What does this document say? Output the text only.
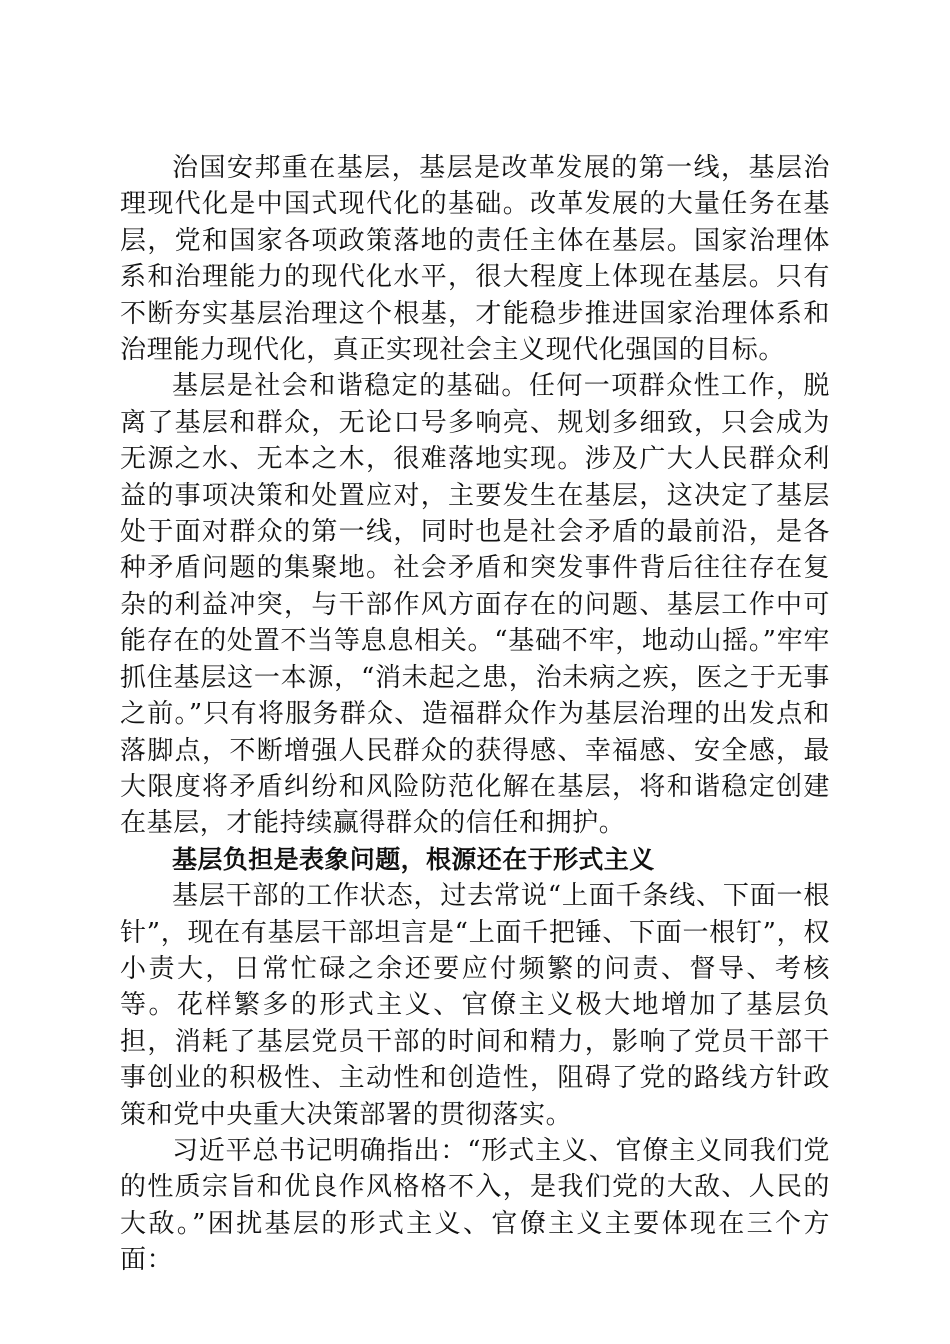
治国安邦重在基层，基层是改革发展的第一线，基层治理现代化是中国式现代化的基础。改革发展的大量任务在基层，党和国家各项政策落地的责任主体在基层。国家治理体系和治理能力的现代化水平，很大程度上体现在基层。只有不断夯实基层治理这个根基，才能稳步推进国家治理体系和治理能力现代化，真正实现社会主义现代化强国的目标。

基层是社会和谐稳定的基础。任何一项群众性工作，脱离了基层和群众，无论口号多响亮、规划多细致，只会成为无源之水、无本之木，很难落地实现。涉及广大人民群众利益的事项决策和处置应对，主要发生在基层，这决定了基层处于面对群众的第一线，同时也是社会矛盾的最前沿，是各种矛盾问题的集聚地。社会矛盾和突发事件背后往往存在复杂的利益冲突，与干部作风方面存在的问题、基层工作中可能存在的处置不当等息息相关。“基础不牢，地动山摇。”牢牢抓住基层这一本源，“消未起之患，治未病之疾，医之于无事之前。”只有将服务群众、造福群众作为基层治理的出发点和落脚点，不断增强人民群众的获得感、幸福感、安全感，最大限度将矛盾纠纷和风险防范化解在基层，将和谐稳定创建在基层，才能持续赢得群众的信任和拥护。

基层负担是表象问题，根源还在于形式主义

基层干部的工作状态，过去常说“上面千条线、下面一根针”，现在有基层干部坦言是“上面千把锤、下面一根钉”，权小责大，日常忙碌之余还要应付频繁的问责、督导、考核等。花样繁多的形式主义、官僚主义极大地增加了基层负担，消耗了基层党员干部的时间和精力，影响了党员干部干事创业的积极性、主动性和创造性，阻碍了党的路线方针政策和党中央重大决策部署的贯彻落实。

习近平总书记明确指出：“形式主义、官僚主义同我们党的性质宗旨和优良作风格格不入，是我们党的大敌、人民的大敌。”困扰基层的形式主义、官僚主义主要体现在三个方面：
